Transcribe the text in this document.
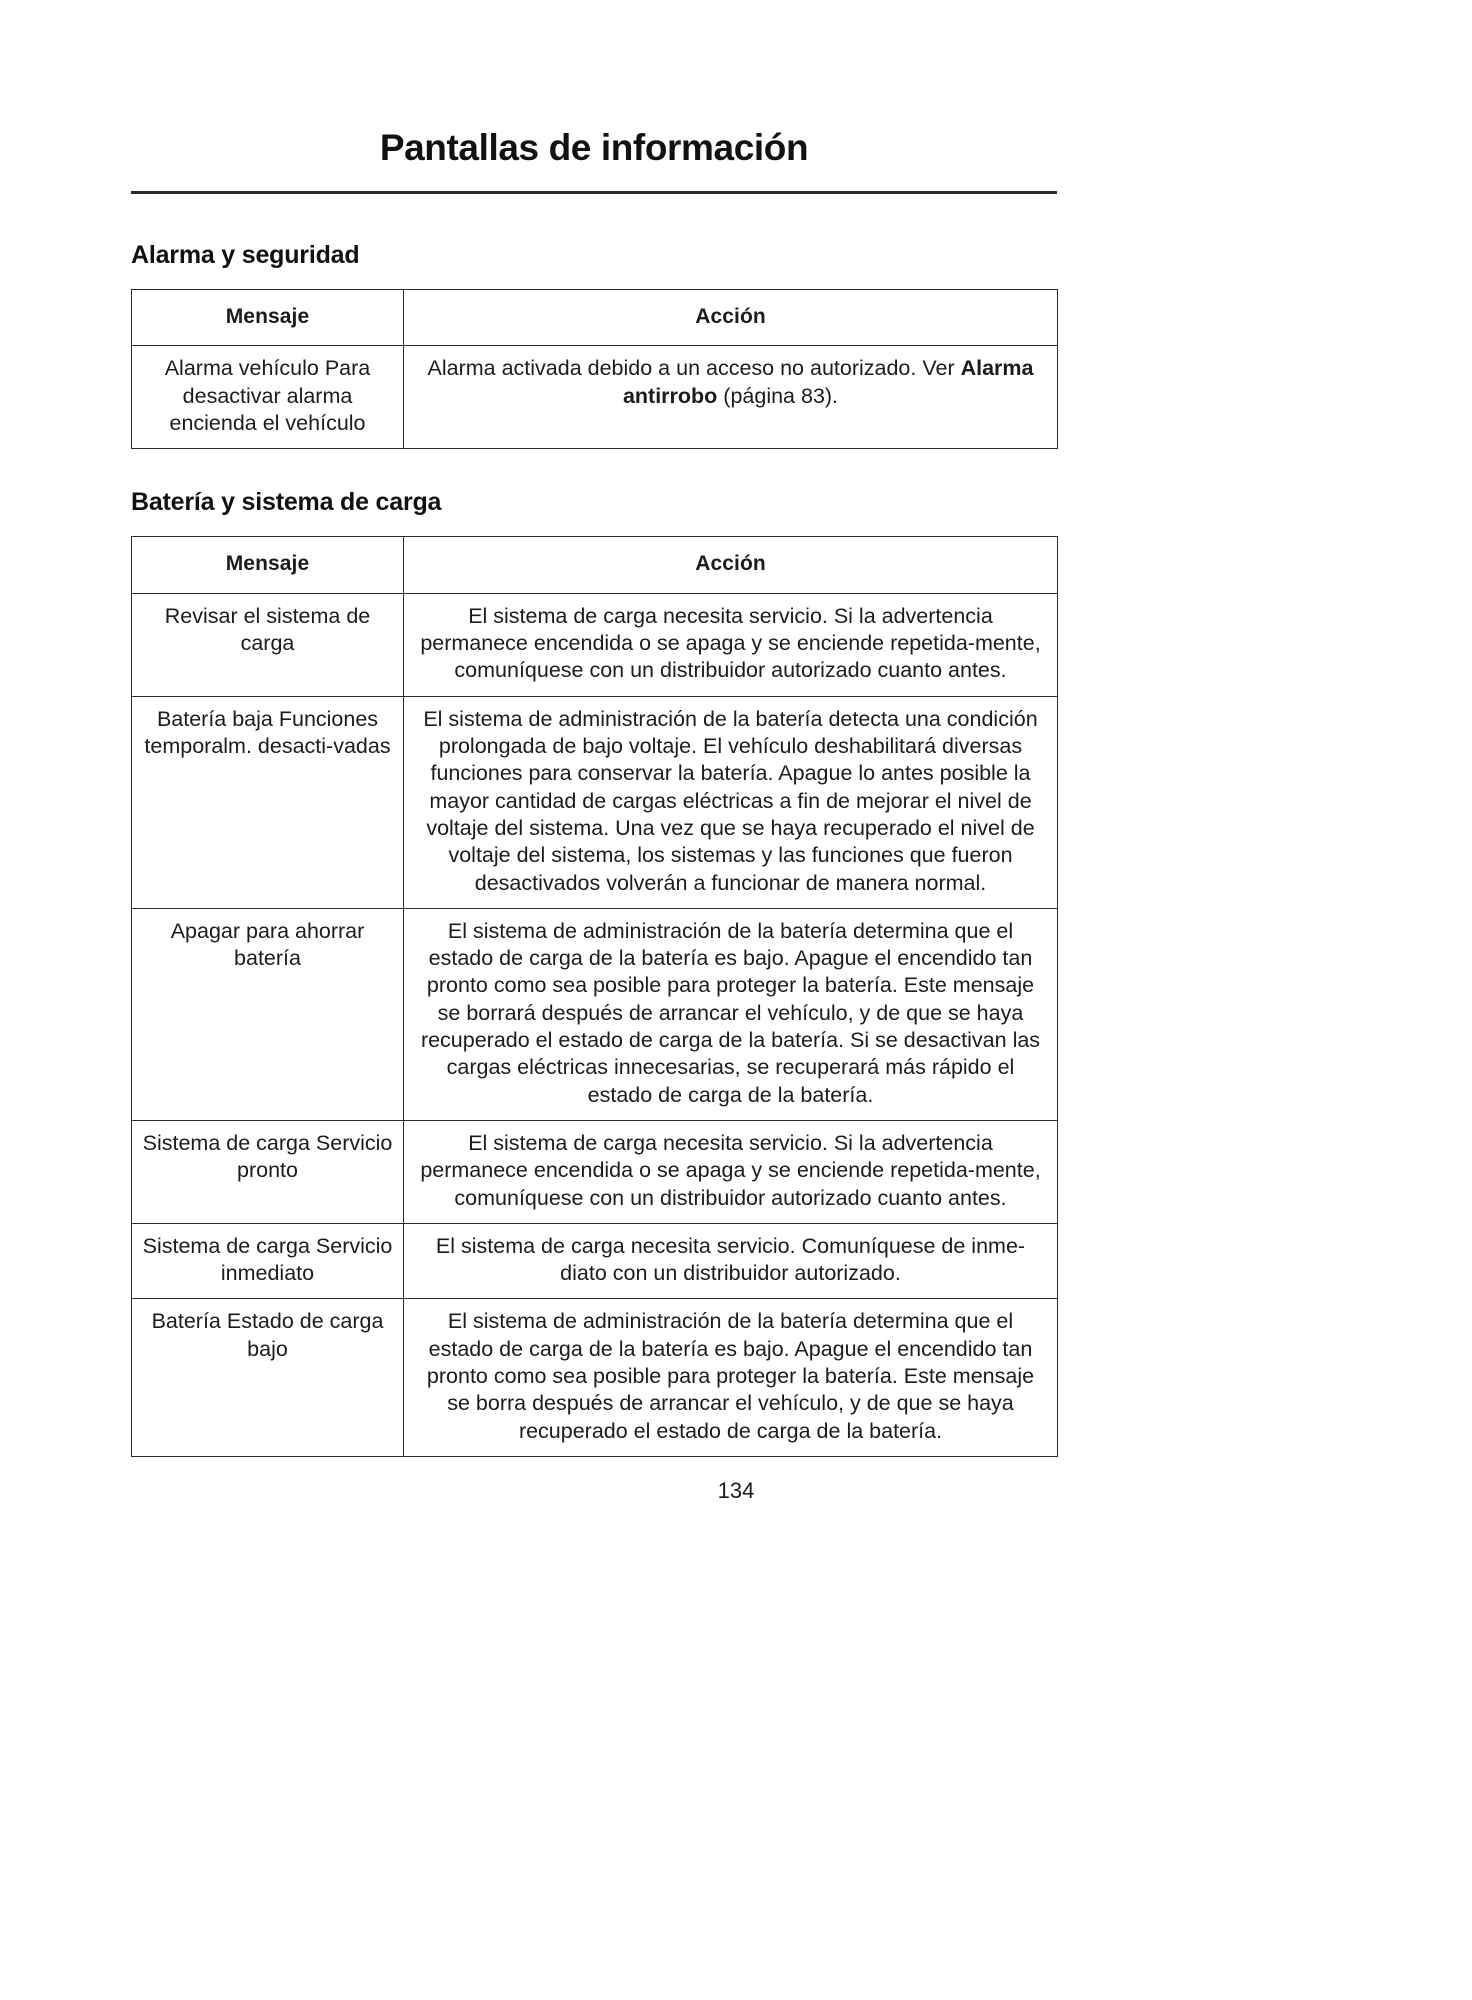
Pantallas de información
Alarma y seguridad
Mensaje	Acción
Alarma vehículo Para desactivar alarma encienda el vehículo	Alarma activada debido a un acceso no autorizado. Ver Alarma antirrobo (página 83).
Batería y sistema de carga
Mensaje	Acción
Revisar el sistema de carga	El sistema de carga necesita servicio. Si la advertencia permanece encendida o se apaga y se enciende repetida-mente, comuníquese con un distribuidor autorizado cuanto antes.
Batería baja Funciones temporalm. desacti-vadas	El sistema de administración de la batería detecta una condición prolongada de bajo voltaje. El vehículo deshabilitará diversas funciones para conservar la batería. Apague lo antes posible la mayor cantidad de cargas eléctricas a fin de mejorar el nivel de voltaje del sistema. Una vez que se haya recuperado el nivel de voltaje del sistema, los sistemas y las funciones que fueron desactivados volverán a funcionar de manera normal.
Apagar para ahorrar batería	El sistema de administración de la batería determina que el estado de carga de la batería es bajo. Apague el encendido tan pronto como sea posible para proteger la batería. Este mensaje se borrará después de arrancar el vehículo, y de que se haya recuperado el estado de carga de la batería. Si se desactivan las cargas eléctricas innecesarias, se recuperará más rápido el estado de carga de la batería.
Sistema de carga Servicio pronto	El sistema de carga necesita servicio. Si la advertencia permanece encendida o se apaga y se enciende repetida-mente, comuníquese con un distribuidor autorizado cuanto antes.
Sistema de carga Servicio inmediato	El sistema de carga necesita servicio. Comuníquese de inme-diato con un distribuidor autorizado.
Batería Estado de carga bajo	El sistema de administración de la batería determina que el estado de carga de la batería es bajo. Apague el encendido tan pronto como sea posible para proteger la batería. Este mensaje se borra después de arrancar el vehículo, y de que se haya recuperado el estado de carga de la batería.
134
